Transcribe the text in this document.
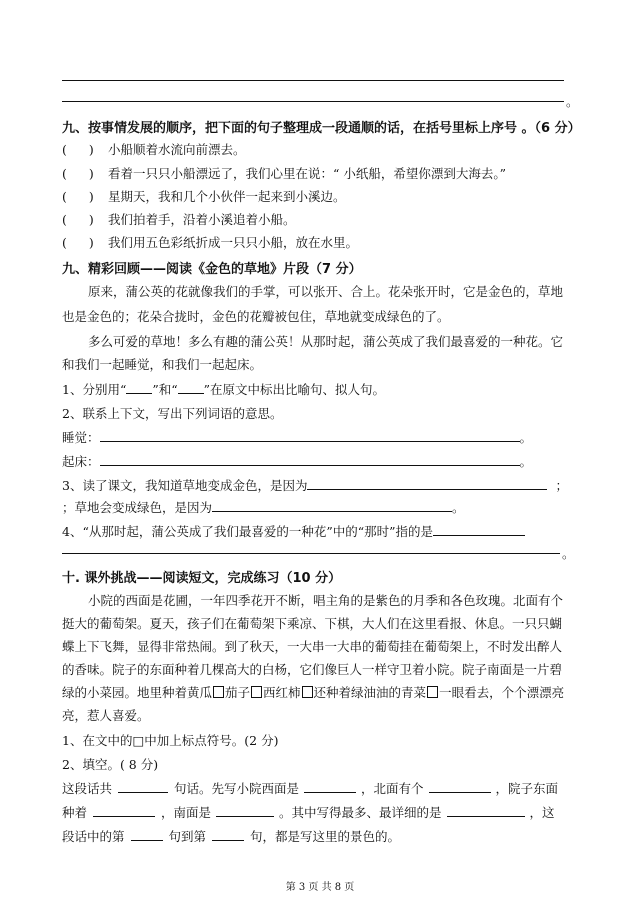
。
九、按事情发展的顺序，把下面的句子整理成一段通顺的话，在括号里标上序号 。（6 分）
( ) 小船顺着水流向前漂去。
( ) 看着一只只小船漂远了，我们心里在说：“ 小纸船，希望你漂到大海去。”
( ) 星期天，我和几个小伙伴一起来到小溪边。
( ) 我们拍着手，沿着小溪追着小船。
( ) 我们用五色彩纸折成一只只小船，放在水里。
九、精彩回顾——阅读《金色的草地》片段（7 分）
原来，蒲公英的花就像我们的手掌，可以张开、合上。花朵张开时，它是金色的，草地
也是金色的；花朵合拢时，金色的花瓣被包住，草地就变成绿色的了。
多么可爱的草地！多么有趣的蒲公英！从那时起，蒲公英成了我们最喜爱的一种花。它
和我们一起睡觉，和我们一起起床。
1、分别用“ ”和“ ”在原文中标出比喻句、拟人句。
2、联系上下文，写出下列词语的意思。
睡觉：	。
起床：	。
3、读了课文，我知道草地变成金色，是因为	；
；草地会变成绿色，是因为	。
4、“从那时起，蒲公英成了我们最喜爱的一种花”中的“那时”指的是
。
十. 课外挑战——阅读短文，完成练习（10 分）
小院的西面是花圃，一年四季花开不断，唱主角的是紫色的月季和各色玫瑰。北面有个
挺大的葡萄架。夏天，孩子们在葡萄架下乘凉、下棋，大人们在这里看报、休息。一只只蝴
蝶上下飞舞，显得非常热闹。到了秋天，一大串一大串的葡萄挂在葡萄架上，不时发出醉人
的香味。院子的东面种着几棵高大的白杨，它们像巨人一样守卫着小院。院子南面是一片碧
绿的小菜园。地里种着黄瓜 茄子 西红柿 还种着绿油油的青菜 一眼看去，个个漂漂亮
亮，惹人喜爱。
1、在文中的□中加上标点符号。(2 分)
2、填空。( 8 分)
这段话共	句话。先写小院西面是	，北面有个	，院子东面
种着	，南面是	。其中写得最多、最详细的是	，这
段话中的第	句到第	句，都是写这里的景色的。
第 3 页 共 8 页
